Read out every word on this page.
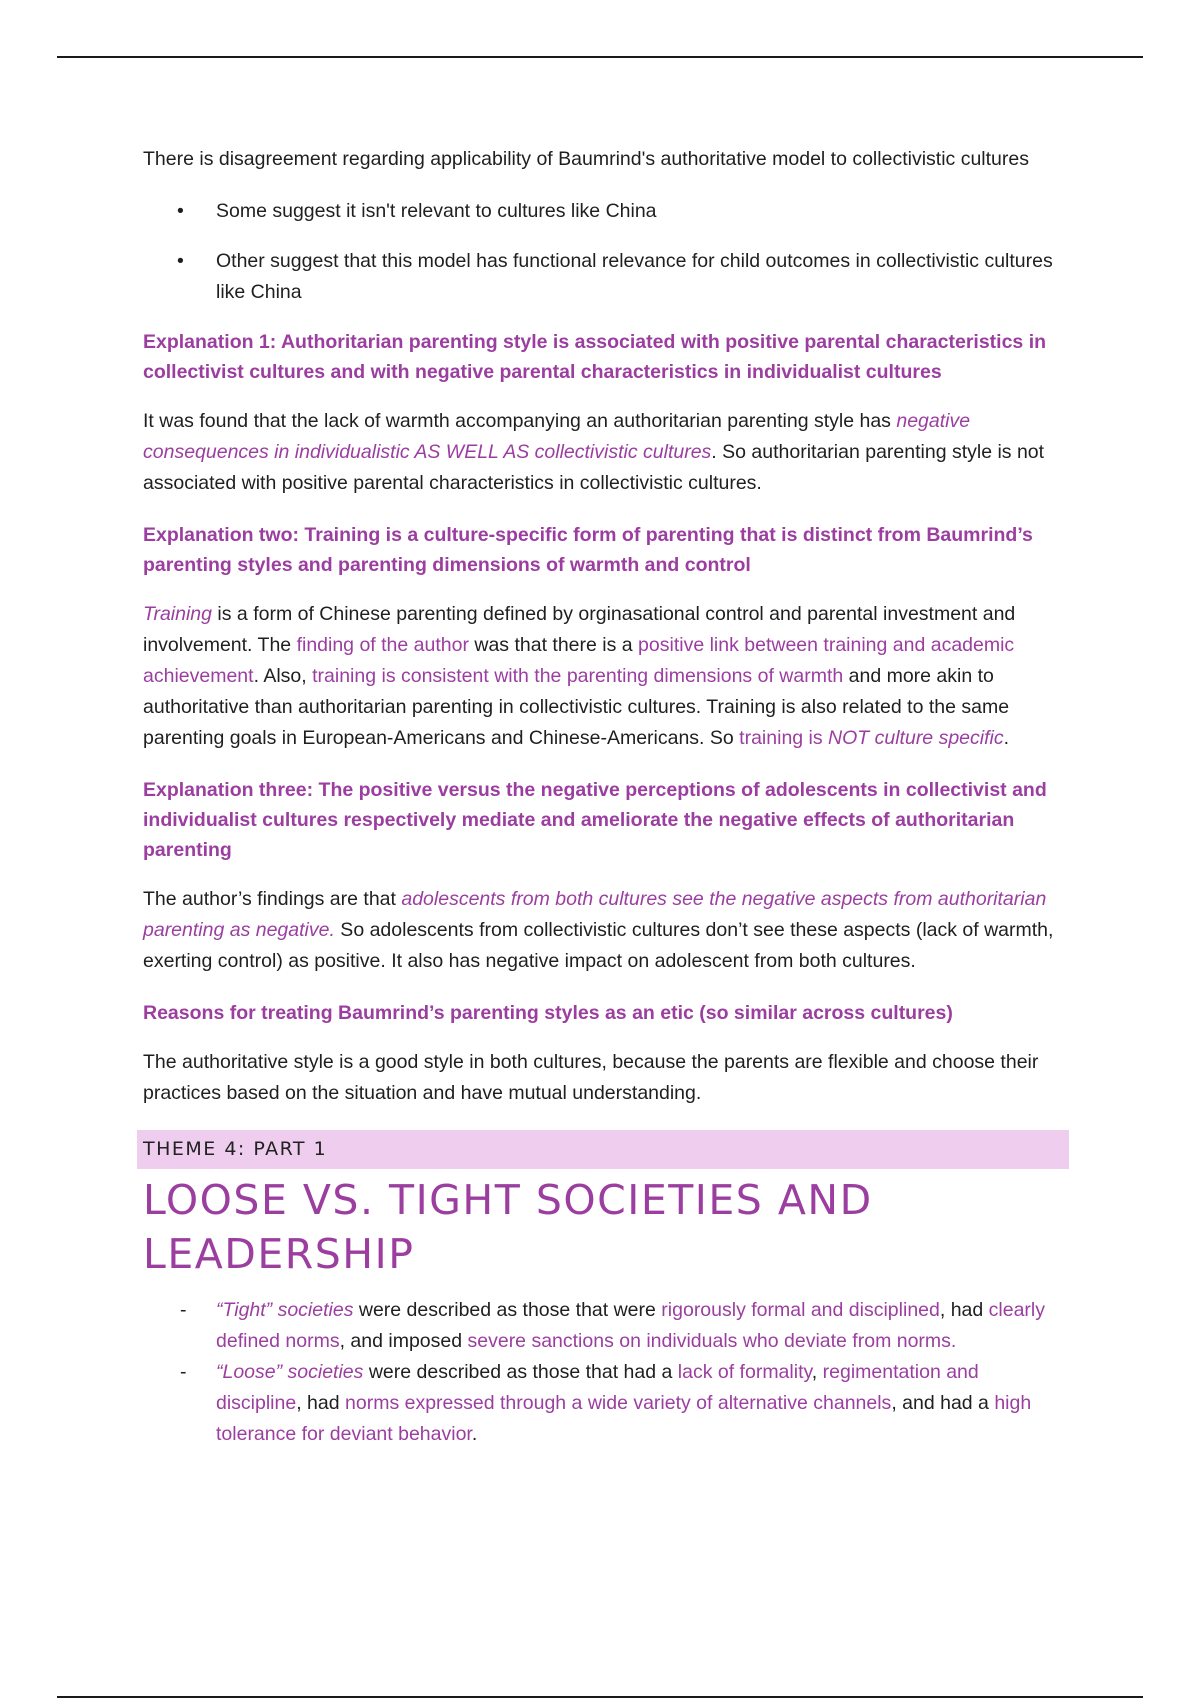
There is disagreement regarding applicability of Baumrind's authoritative model to collectivistic cultures

• Some suggest it isn't relevant to cultures like China
• Other suggest that this model has functional relevance for child outcomes in collectivistic cultures like China

Explanation 1: Authoritarian parenting style is associated with positive parental characteristics in collectivist cultures and with negative parental characteristics in individualist cultures

It was found that the lack of warmth accompanying an authoritarian parenting style has negative consequences in individualistic AS WELL AS collectivistic cultures. So authoritarian parenting style is not associated with positive parental characteristics in collectivistic cultures.

Explanation two: Training is a culture-specific form of parenting that is distinct from Baumrind’s parenting styles and parenting dimensions of warmth and control

Training is a form of Chinese parenting defined by orginasational control and parental investment and involvement. The finding of the author was that there is a positive link between training and academic achievement. Also, training is consistent with the parenting dimensions of warmth and more akin to authoritative than authoritarian parenting in collectivistic cultures. Training is also related to the same parenting goals in European-Americans and Chinese-Americans. So training is NOT culture specific.

Explanation three: The positive versus the negative perceptions of adolescents in collectivist and individualist cultures respectively mediate and ameliorate the negative effects of authoritarian parenting

The author’s findings are that adolescents from both cultures see the negative aspects from authoritarian parenting as negative. So adolescents from collectivistic cultures don’t see these aspects (lack of warmth, exerting control) as positive. It also has negative impact on adolescent from both cultures.

Reasons for treating Baumrind’s parenting styles as an etic (so similar across cultures)

The authoritative style is a good style in both cultures, because the parents are flexible and choose their practices based on the situation and have mutual understanding.

THEME 4: PART 1
LOOSE VS. TIGHT SOCIETIES AND LEADERSHIP
- “Tight” societies were described as those that were rigorously formal and disciplined, had clearly defined norms, and imposed severe sanctions on individuals who deviate from norms.
- “Loose” societies were described as those that had a lack of formality, regimentation and discipline, had norms expressed through a wide variety of alternative channels, and had a high tolerance for deviant behavior.
